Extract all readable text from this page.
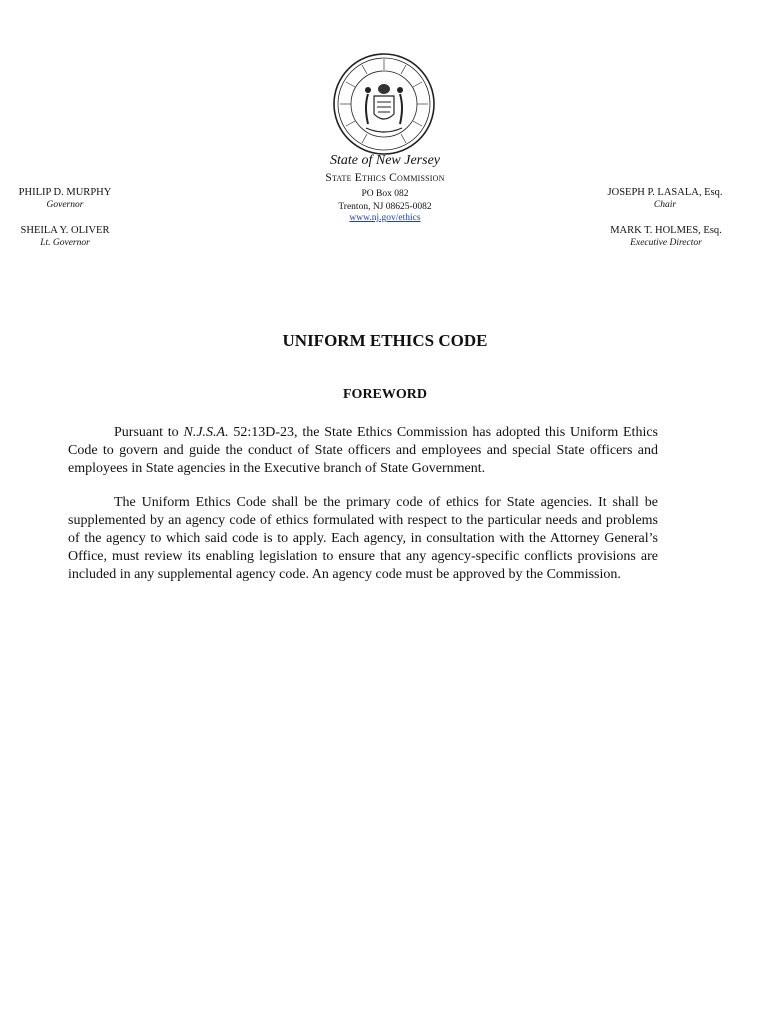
State of New Jersey
State Ethics Commission
PO Box 082
Trenton, NJ 08625-0082
www.nj.gov/ethics
PHILIP D. MURPHY
Governor
SHEILA Y. OLIVER
Lt. Governor
JOSEPH P. LASALA, Esq.
Chair
MARK T. HOLMES, Esq.
Executive Director
UNIFORM ETHICS CODE
FOREWORD

Pursuant to N.J.S.A. 52:13D-23, the State Ethics Commission has adopted this Uniform Ethics Code to govern and guide the conduct of State officers and employees and special State officers and employees in State agencies in the Executive branch of State Government.

The Uniform Ethics Code shall be the primary code of ethics for State agencies. It shall be supplemented by an agency code of ethics formulated with respect to the particular needs and problems of the agency to which said code is to apply. Each agency, in consultation with the Attorney General’s Office, must review its enabling legislation to ensure that any agency-specific conflicts provisions are included in any supplemental agency code. An agency code must be approved by the Commission.
